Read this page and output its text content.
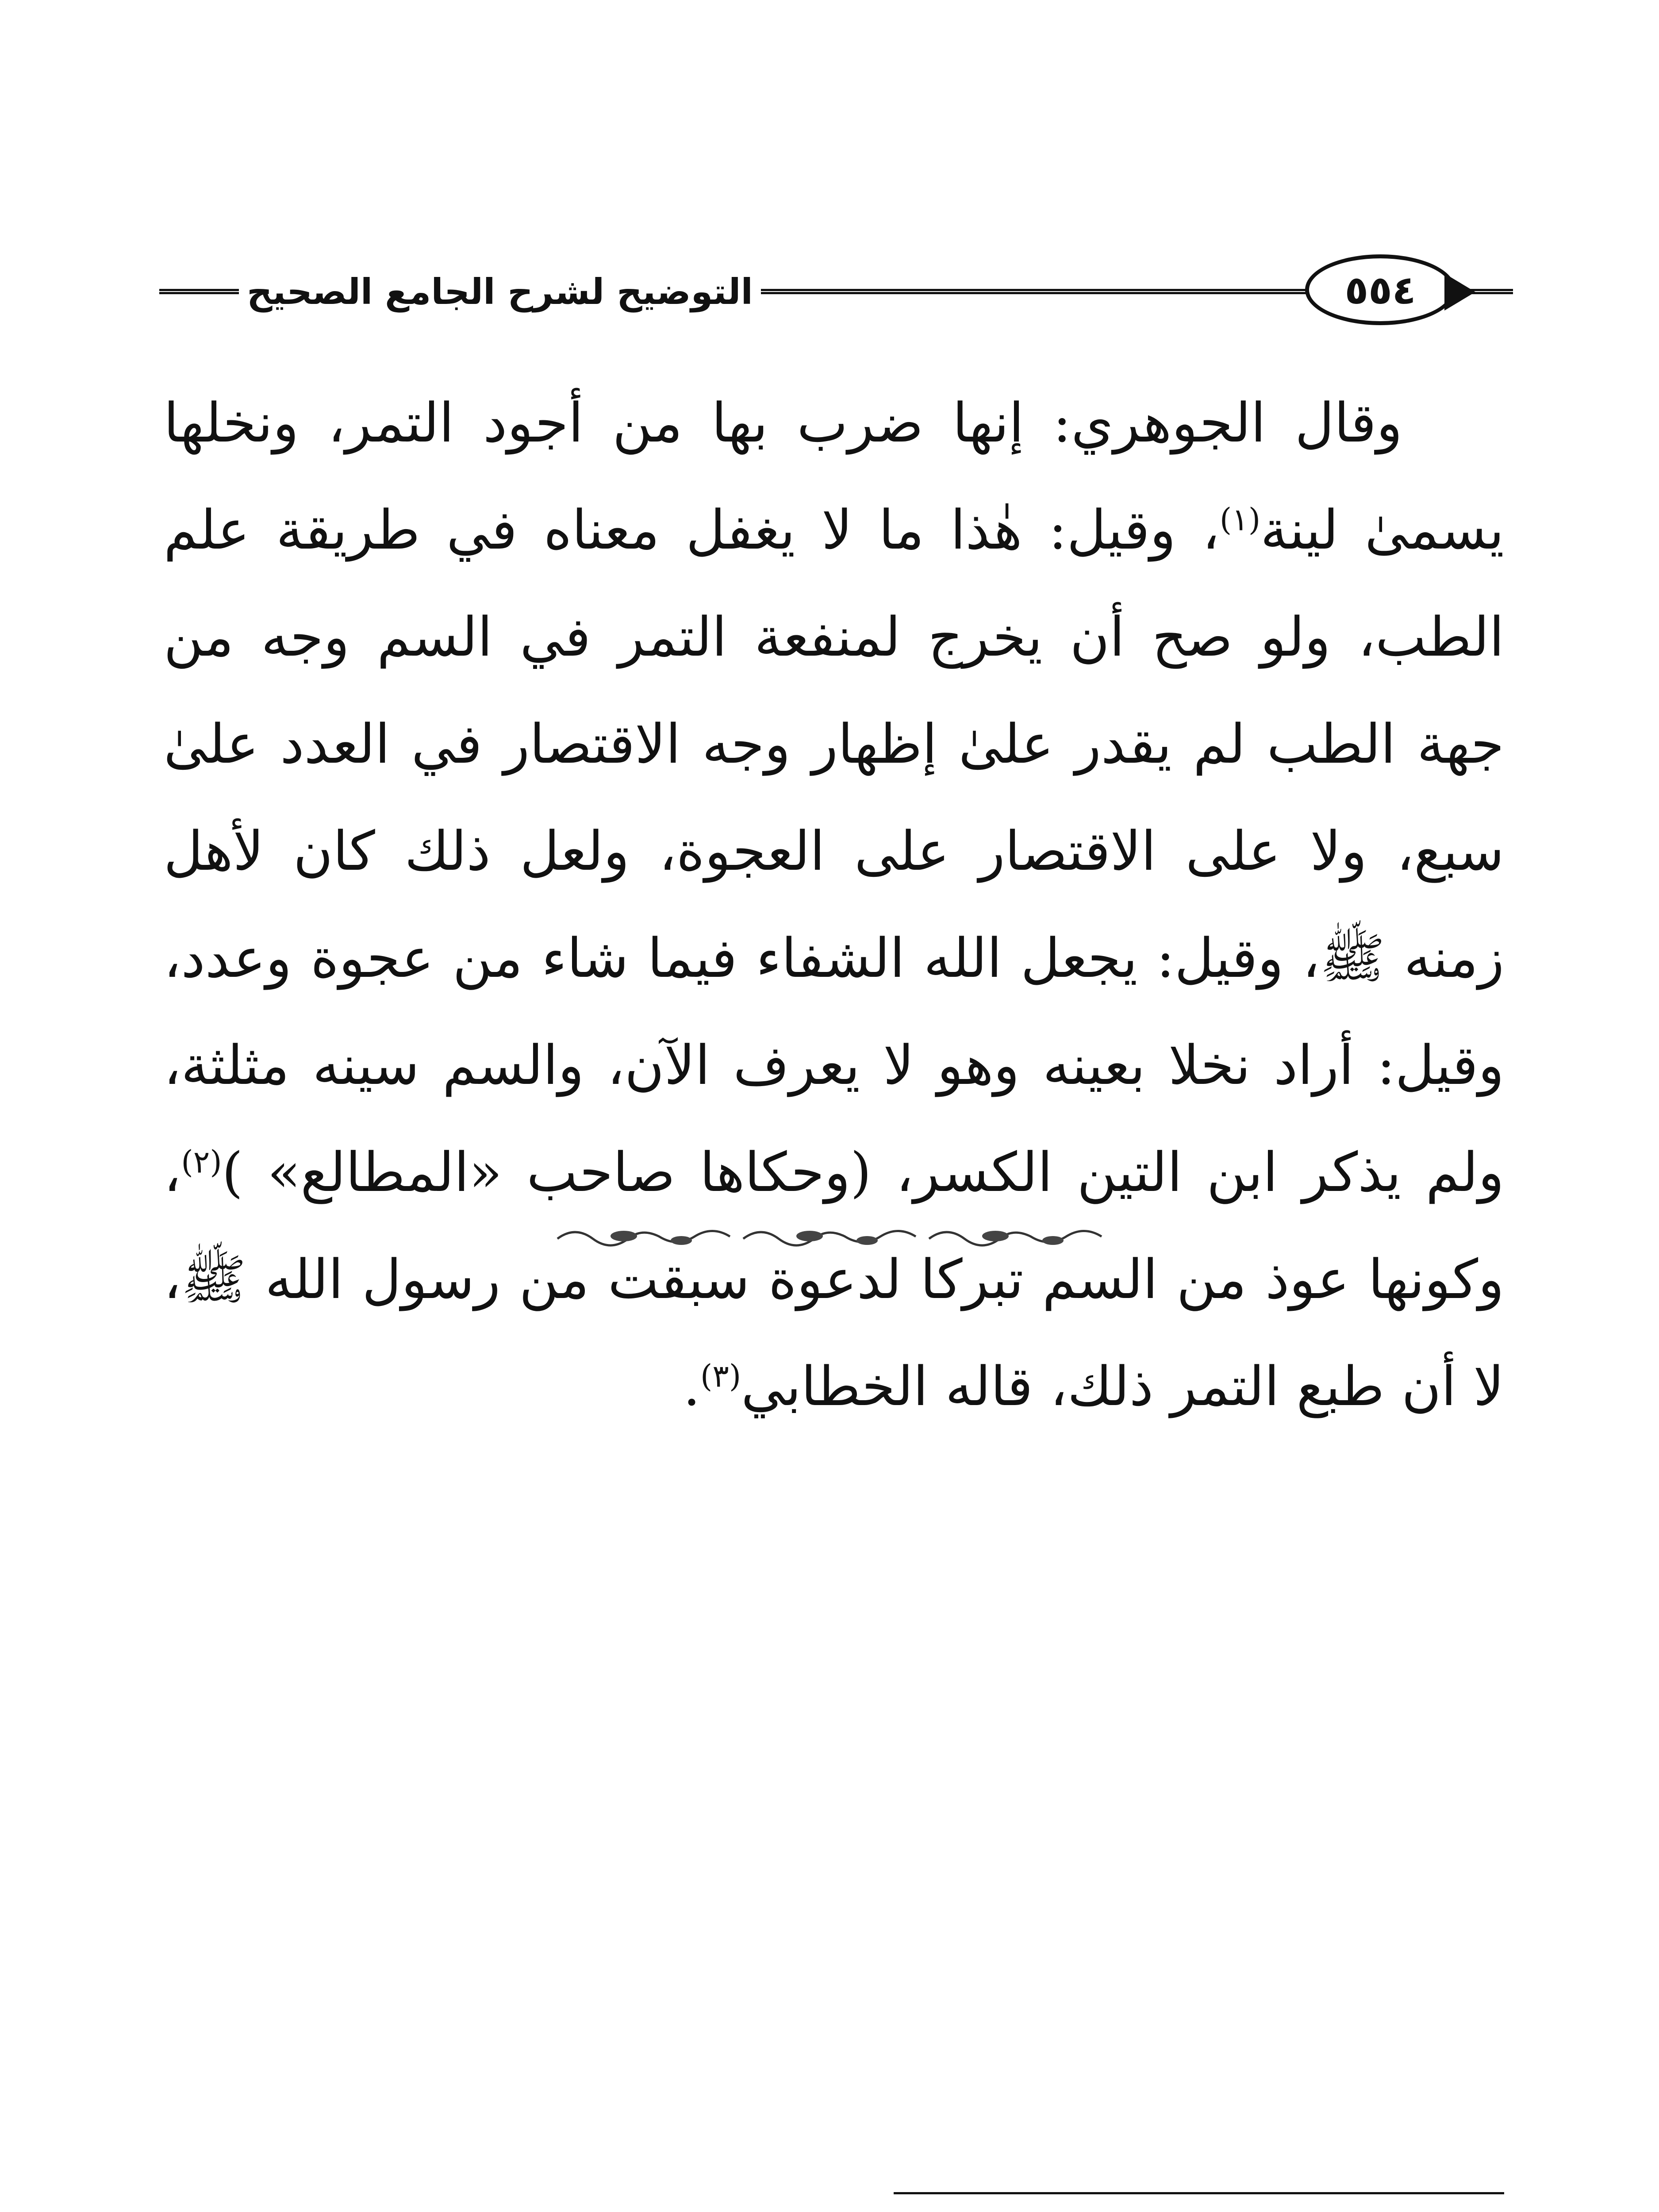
التوضيح لشرح الجامع الصحيح	٥٥٤

وقال الجوهري: إنها ضرب بها من أجود التمر، ونخلها يسمىٰ لينة$^{(١)}$، وقيل: هٰذا ما لا يغفل معناه في طريقة علم الطب، ولو صح أن يخرج لمنفعة التمر في السم وجه من جهة الطب لم يقدر علىٰ إظهار وجه الاقتصار في العدد علىٰ سبع، ولا على الاقتصار على العجوة، ولعل ذلك كان لأهل زمنه ﷺ، وقيل: يجعل الله الشفاء فيما شاء من عجوة وعدد، وقيل: أراد نخلا بعينه وهو لا يعرف الآن، والسم سينه مثلثة، ولم يذكر ابن التين الكسر، (وحكاها صاحب «المطالع» )$^{(٢)}$، وكونها عوذ من السم تبركا لدعوة سبقت من رسول الله ﷺ، لا أن طبع التمر ذلك، قاله الخطابي$^{(٣)}$.
